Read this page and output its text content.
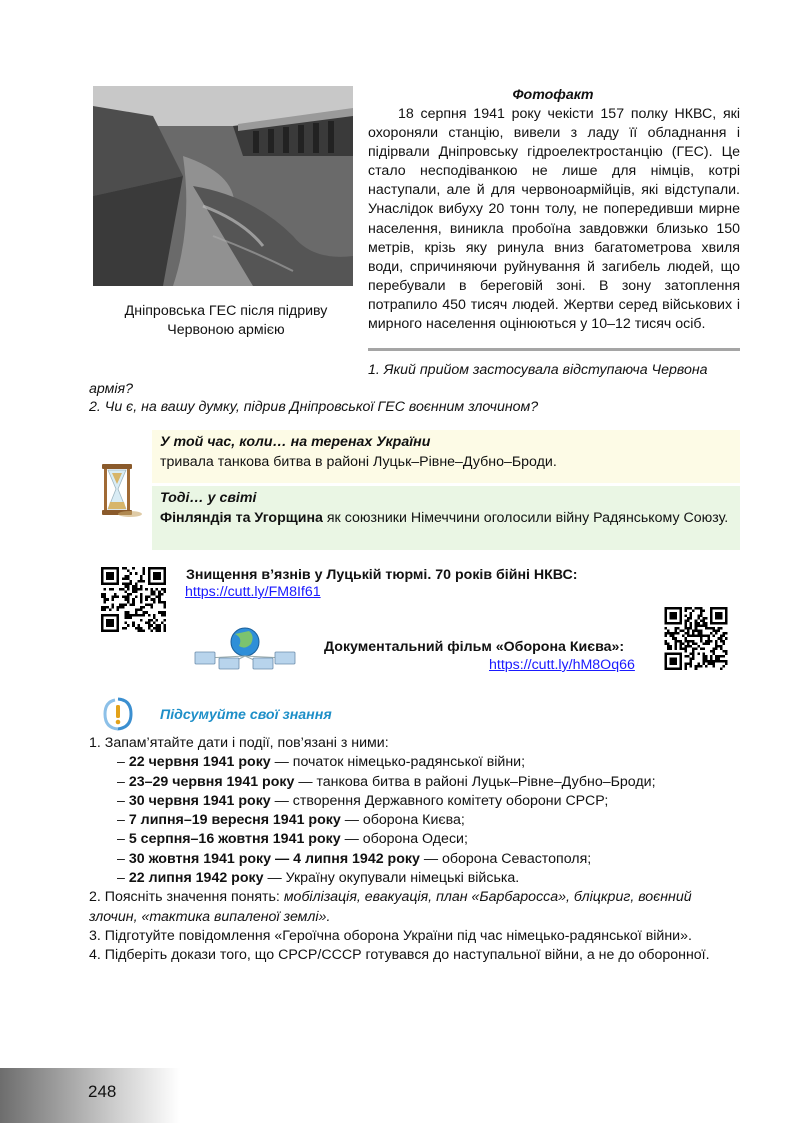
Дніпровська ГЕС після підриву
Червоною армією
Фотофакт
18 серпня 1941 року чекісти 157 полку НКВС, які охороняли станцію, вивели з ладу її обладнання і підірвали Дніпровську гідроелектростанцію (ГЕС). Це стало несподіванкою не лише для німців, котрі наступали, але й для червоноармійців, які відступали. Унаслідок вибуху 20 тонн толу, не попередивши мирне населення, виникла пробоїна завдовжки близько 150 метрів, крізь яку ринула вниз багатометрова хвиля води, спричиняючи руйнування й загибель людей, що перебували в береговій зоні. В зону затоплення потрапило 450 тисяч людей. Жертви серед військових і мирного населення оцінюються у 10–12 тисяч осіб.
1. Який прийом застосувала відступаюча Червона
армія?
2. Чи є, на вашу думку, підрив Дніпровської ГЕС воєнним злочином?
У той час, коли… на теренах України
тривала танкова битва в районі Луцьк–Рівне–Дубно–Броди.
Тоді… у світі
Фінляндія та Угорщина як союзники Німеччини оголосили війну Радянському Союзу.
Знищення в’язнів у Луцькій тюрмі. 70 років бійні НКВС:
https://cutt.ly/FM8If61
Документальний фільм «Оборона Києва»:
https://cutt.ly/hM8Oq66
Підсумуйте свої знання

1. Запам’ятайте дати і події, пов’язані з ними:

– 22 червня 1941 року — початок німецько-радянської війни;

– 23–29 червня 1941 року — танкова битва в районі Луцьк–Рівне–Дубно–Броди;

– 30 червня 1941 року — створення Державного комітету оборони СРСР;

– 7 липня–19 вересня 1941 року — оборона Києва;

– 5 серпня–16 жовтня 1941 року — оборона Одеси;

– 30 жовтня 1941 року — 4 липня 1942 року — оборона Севастополя;

– 22 липня 1942 року — Україну окупували німецькі війська.

2. Поясніть значення понять: мобілізація, евакуація, план «Барбаросса», бліцкриг, воєнний злочин, «тактика випаленої землі».

3. Підготуйте повідомлення «Героїчна оборона України під час німецько-радянської війни».

4. Підберіть докази того, що СРСР/СССР готувався до наступальної війни, а не до оборонної.

248
